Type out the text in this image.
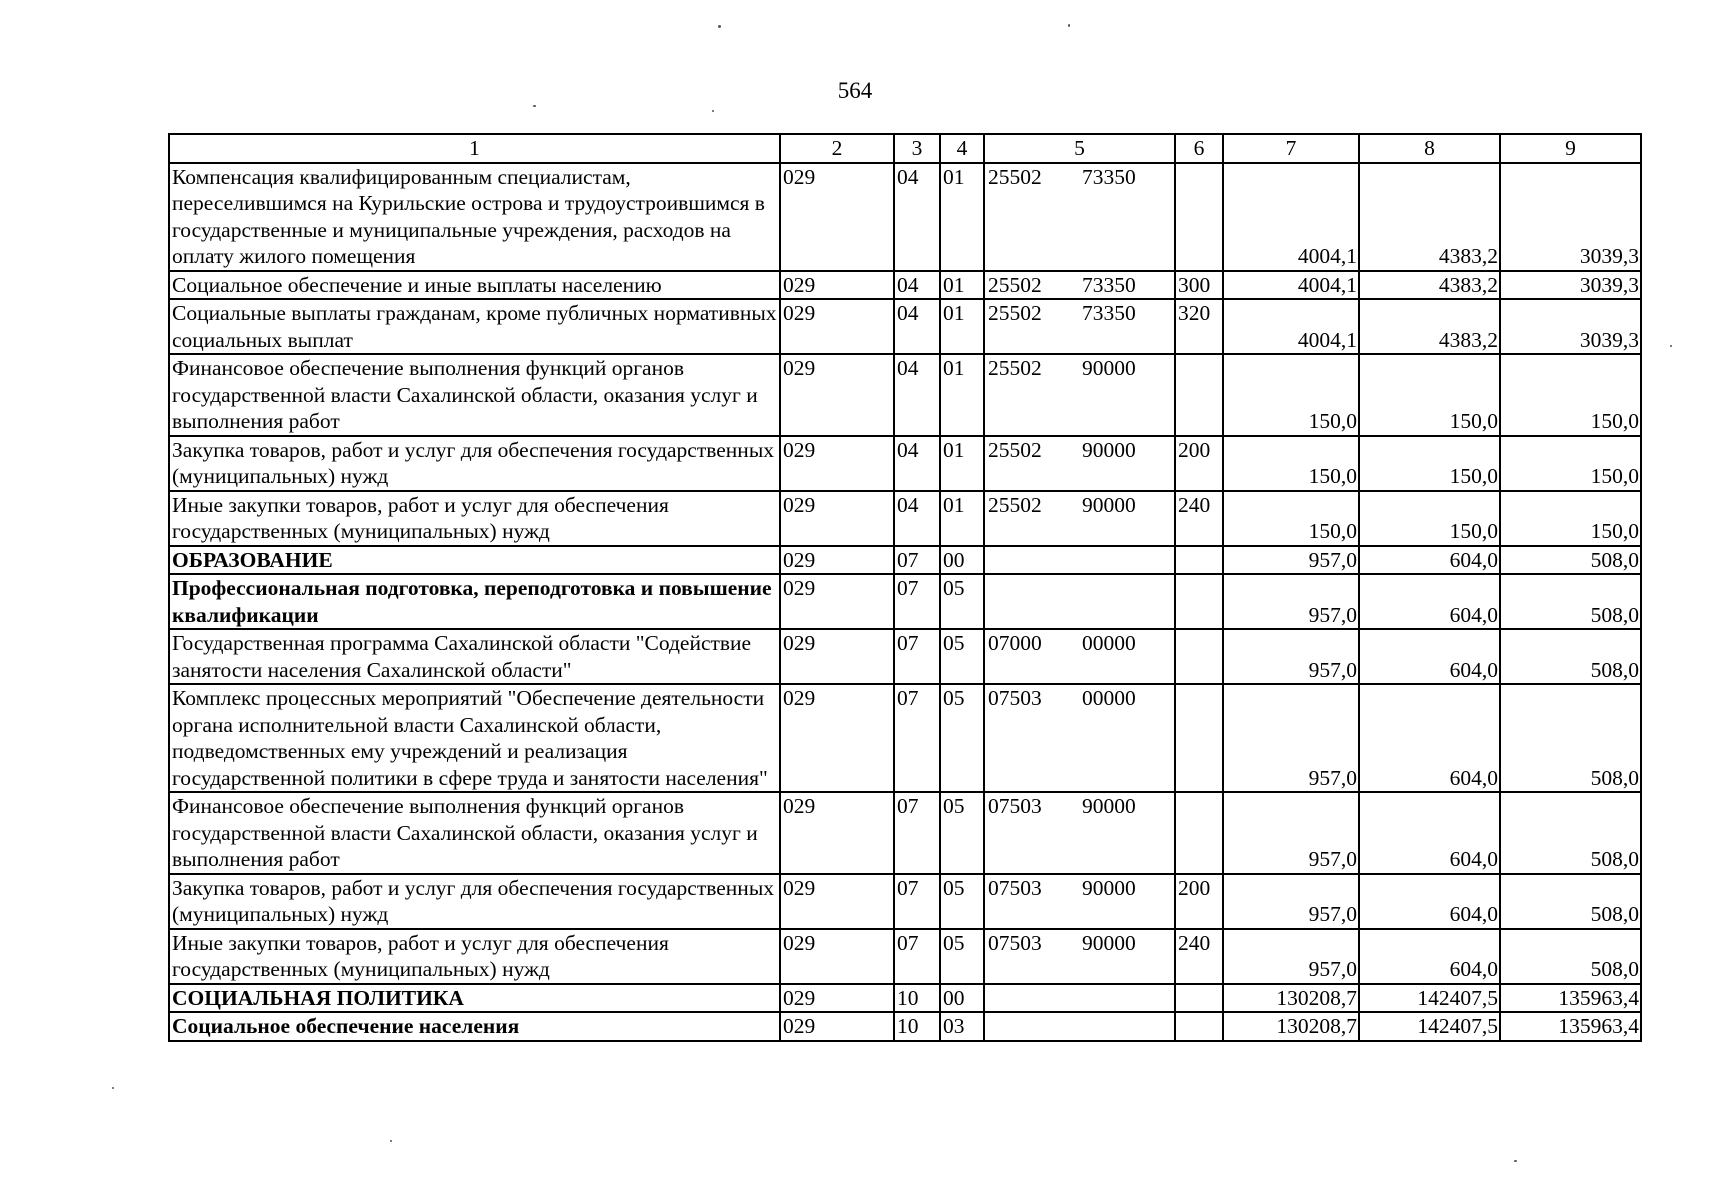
564
1	2	3	4	5	6	7	8	9
Компенсация квалифицированным специалистам, переселившимся на Курильские острова и трудоустроившимся в государственные и муниципальные учреждения, расходов на оплату жилого помещения	029	04	01	25502 73350		4004,1	4383,2	3039,3
Социальное обеспечение и иные выплаты населению	029	04	01	25502 73350	300	4004,1	4383,2	3039,3
Социальные выплаты гражданам, кроме публичных нормативных социальных выплат	029	04	01	25502 73350	320	4004,1	4383,2	3039,3
Финансовое обеспечение выполнения функций органов государственной власти Сахалинской области, оказания услуг и выполнения работ	029	04	01	25502 90000		150,0	150,0	150,0
Закупка товаров, работ и услуг для обеспечения государственных (муниципальных) нужд	029	04	01	25502 90000	200	150,0	150,0	150,0
Иные закупки товаров, работ и услуг для обеспечения государственных (муниципальных) нужд	029	04	01	25502 90000	240	150,0	150,0	150,0
ОБРАЗОВАНИЕ	029	07	00			957,0	604,0	508,0
Профессиональная подготовка, переподготовка и повышение квалификации	029	07	05			957,0	604,0	508,0
Государственная программа Сахалинской области "Содействие занятости населения Сахалинской области"	029	07	05	07000 00000		957,0	604,0	508,0
Комплекс процессных мероприятий "Обеспечение деятельности органа исполнительной власти Сахалинской области, подведомственных ему учреждений и реализация государственной политики в сфере труда и занятости населения"	029	07	05	07503 00000		957,0	604,0	508,0
Финансовое обеспечение выполнения функций органов государственной власти Сахалинской области, оказания услуг и выполнения работ	029	07	05	07503 90000		957,0	604,0	508,0
Закупка товаров, работ и услуг для обеспечения государственных (муниципальных) нужд	029	07	05	07503 90000	200	957,0	604,0	508,0
Иные закупки товаров, работ и услуг для обеспечения государственных (муниципальных) нужд	029	07	05	07503 90000	240	957,0	604,0	508,0
СОЦИАЛЬНАЯ ПОЛИТИКА	029	10	00			130208,7	142407,5	135963,4
Социальное обеспечение населения	029	10	03			130208,7	142407,5	135963,4
